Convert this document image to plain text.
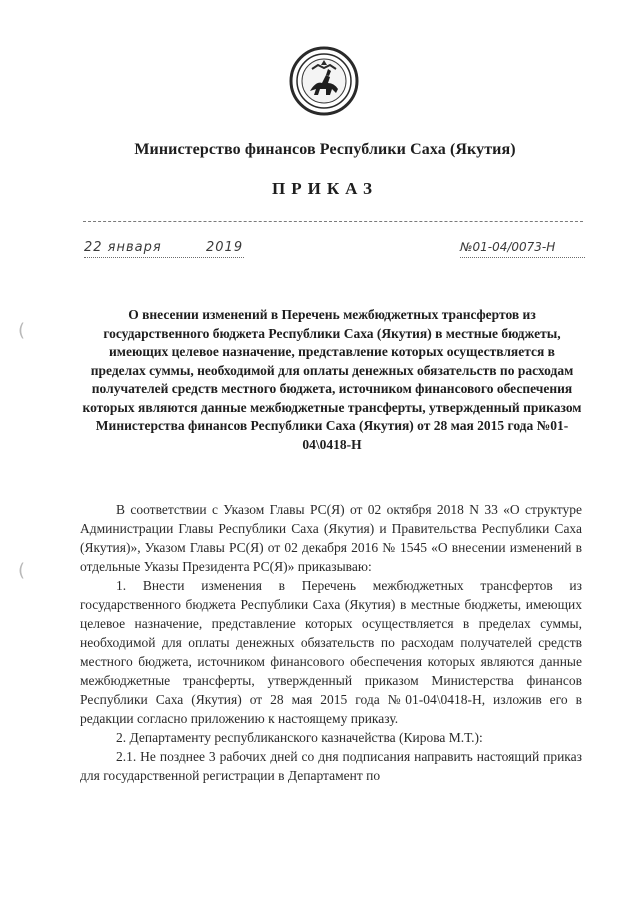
Министерство финансов Республики Саха (Якутия)
ПРИКАЗ
22 января	2019	№01-04/0073-Н
(
(

О внесении изменений в Перечень межбюджетных трансфертов из государственного бюджета Республики Саха (Якутия) в местные бюджеты, имеющих целевое назначение, представление которых осуществляется в пределах суммы, необходимой для оплаты денежных обязательств по расходам получателей средств местного бюджета, источником финансового обеспечения которых являются данные межбюджетные трансферты, утвержденный приказом Министерства финансов Республики Саха (Якутия) от 28 мая 2015 года №01-04\0418-Н

В соответствии с Указом Главы РС(Я) от 02 октября 2018 N 33 «О структуре Администрации Главы Республики Саха (Якутия) и Правительства Республики Саха (Якутия)», Указом Главы РС(Я) от 02 декабря 2016 № 1545 «О внесении изменений в отдельные Указы Президента РС(Я)» приказываю:

1. Внести изменения в Перечень межбюджетных трансфертов из государственного бюджета Республики Саха (Якутия) в местные бюджеты, имеющих целевое назначение, представление которых осуществляется в пределах суммы, необходимой для оплаты денежных обязательств по расходам получателей средств местного бюджета, источником финансового обеспечения которых являются данные межбюджетные трансферты, утвержденный приказом Министерства финансов Республики Саха (Якутия) от 28 мая 2015 года №01-04\0418-Н, изложив его в редакции согласно приложению к настоящему приказу.

2. Департаменту республиканского казначейства (Кирова М.Т.):

2.1. Не позднее 3 рабочих дней со дня подписания направить настоящий приказ для государственной регистрации в Департамент по
